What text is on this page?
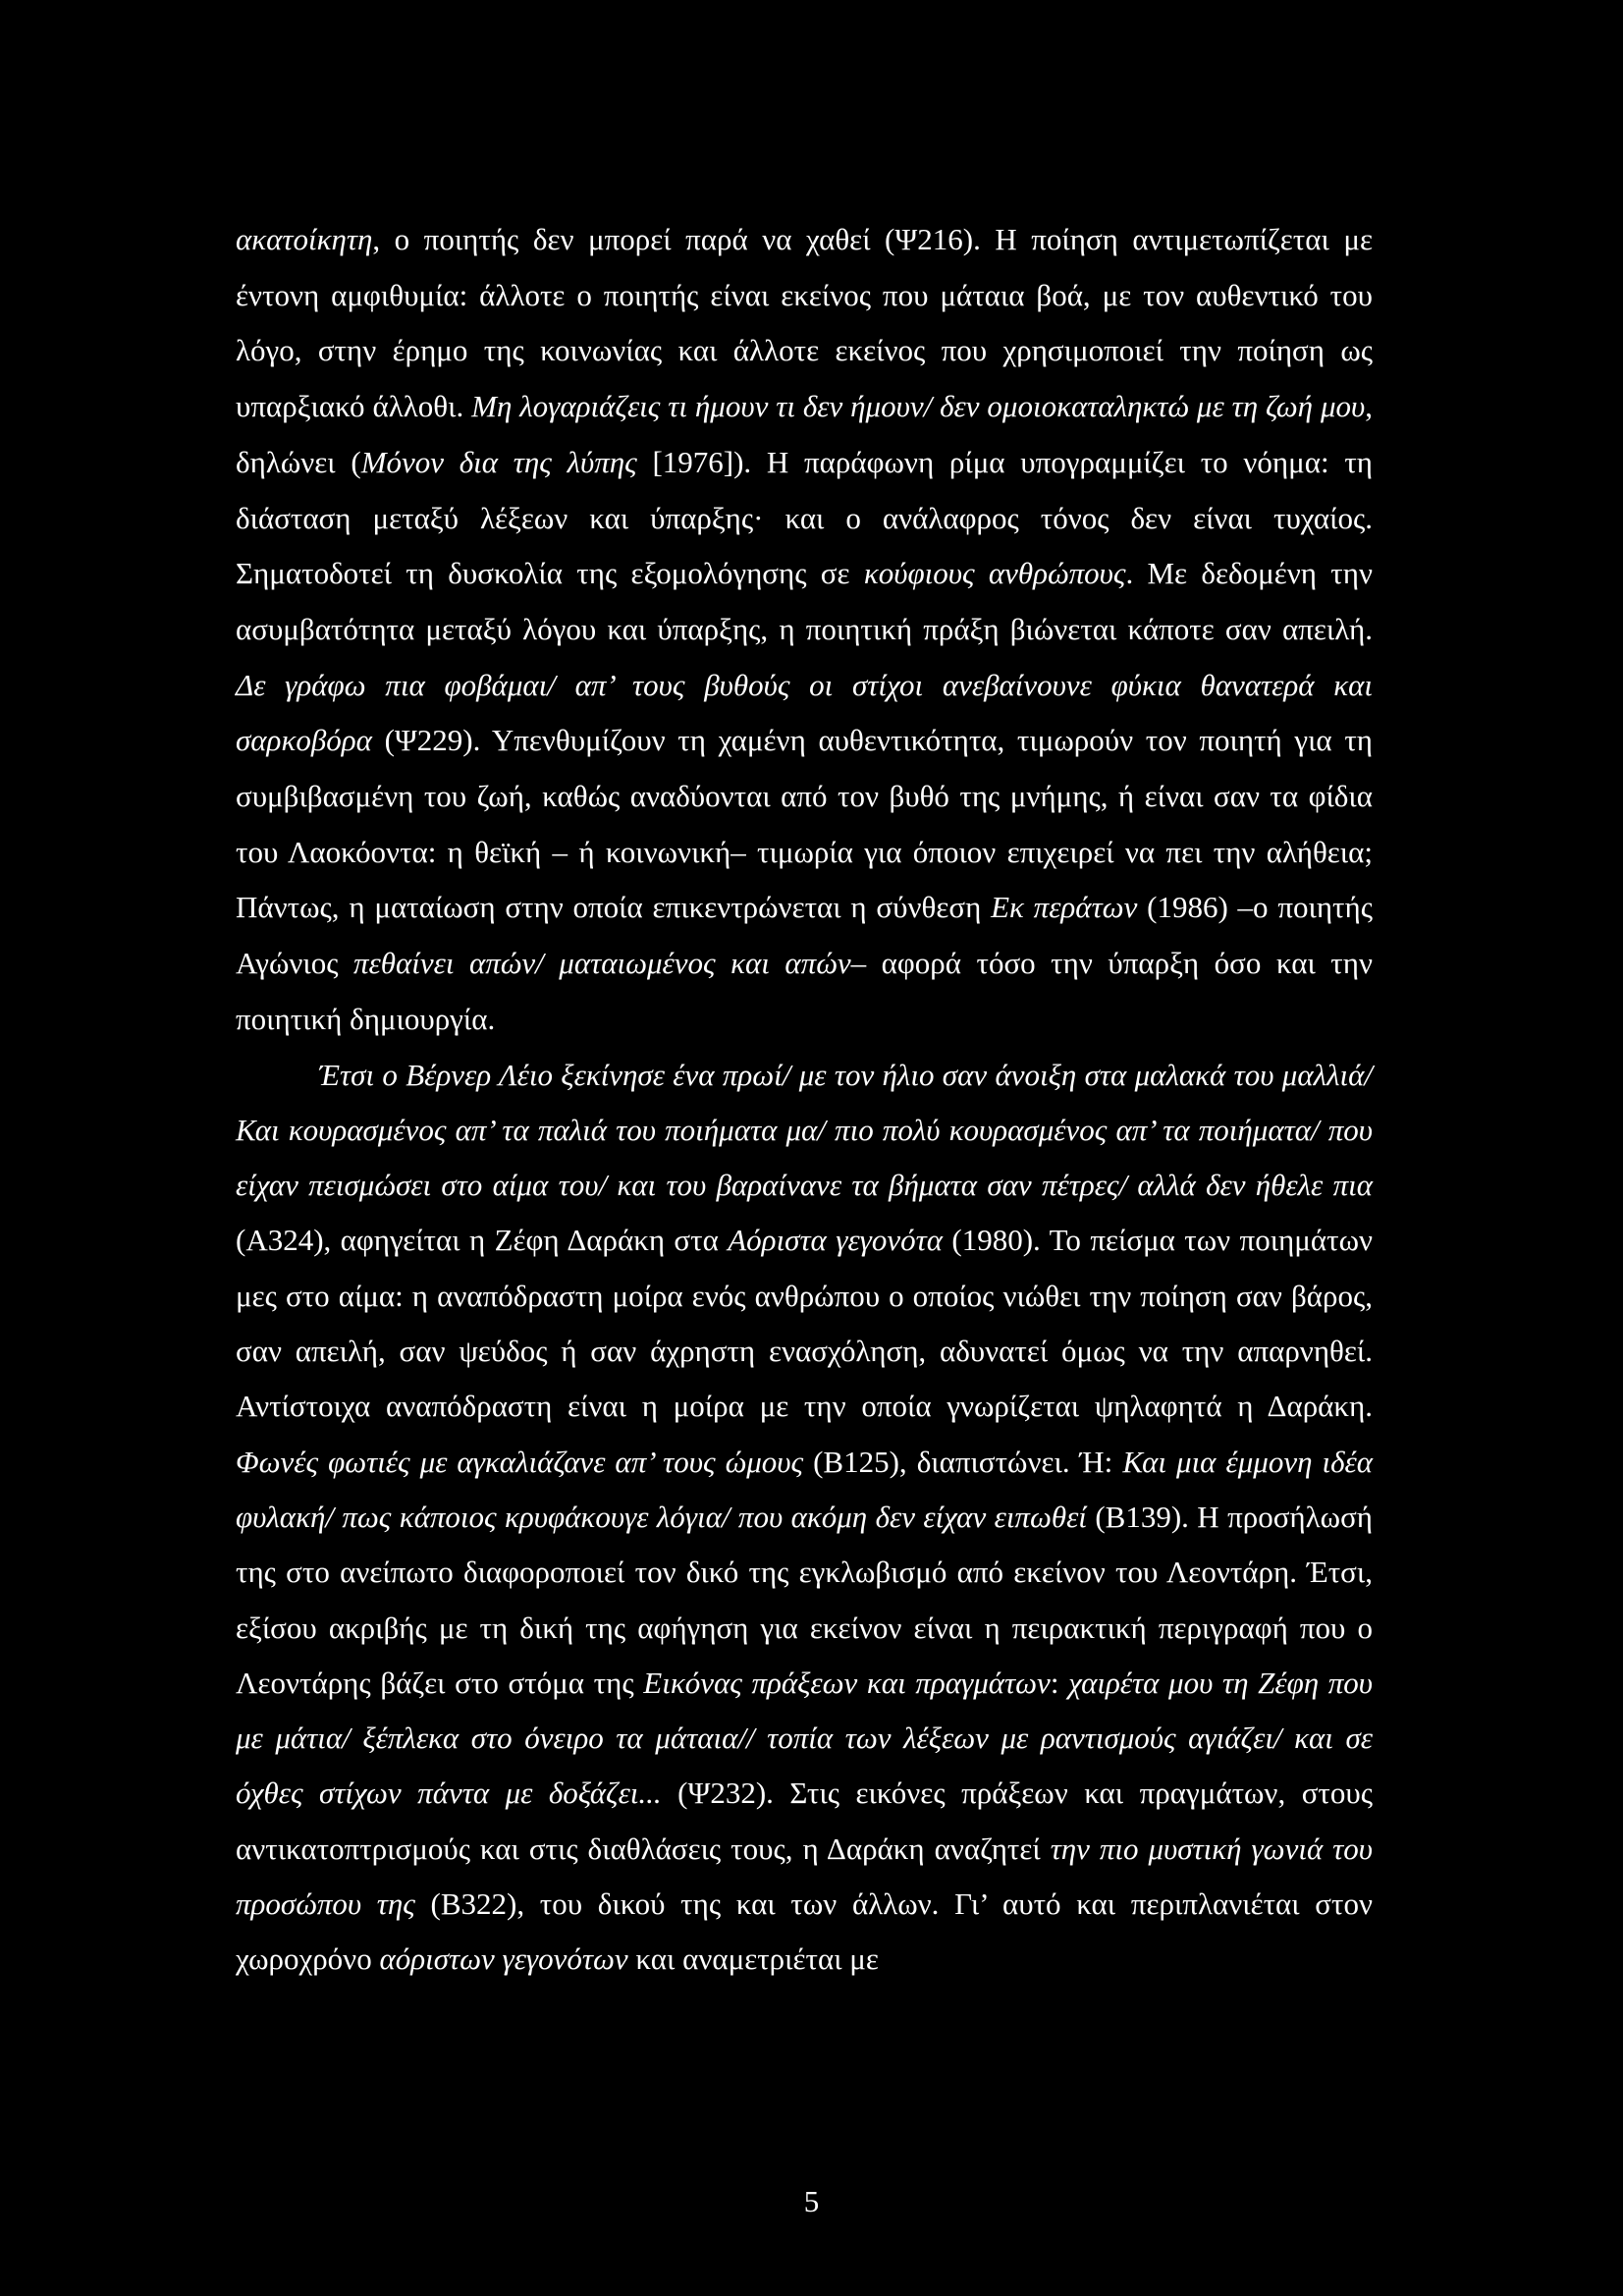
ακατοίκητη, ο ποιητής δεν μπορεί παρά να χαθεί (Ψ216). Η ποίηση αντιμετωπίζεται με έντονη αμφιθυμία: άλλοτε ο ποιητής είναι εκείνος που μάταια βοά, με τον αυθεντικό του λόγο, στην έρημο της κοινωνίας και άλλοτε εκείνος που χρησιμοποιεί την ποίηση ως υπαρξιακό άλλοθι. Μη λογαριάζεις τι ήμουν τι δεν ήμουν/ δεν ομοιοκαταληκτώ με τη ζωή μου, δηλώνει (Μόνον δια της λύπης [1976]). Η παράφωνη ρίμα υπογραμμίζει το νόημα: τη διάσταση μεταξύ λέξεων και ύπαρξης· και ο ανάλαφρος τόνος δεν είναι τυχαίος. Σηματοδοτεί τη δυσκολία της εξομολόγησης σε κούφιους ανθρώπους. Με δεδομένη την ασυμβατότητα μεταξύ λόγου και ύπαρξης, η ποιητική πράξη βιώνεται κάποτε σαν απειλή. Δε γράφω πια φοβάμαι/ απ’ τους βυθούς οι στίχοι ανεβαίνουνε φύκια θανατερά και σαρκοβόρα (Ψ229). Υπενθυμίζουν τη χαμένη αυθεντικότητα, τιμωρούν τον ποιητή για τη συμβιβασμένη του ζωή, καθώς αναδύονται από τον βυθό της μνήμης, ή είναι σαν τα φίδια του Λαοκόοντα: η θεϊκή – ή κοινωνική– τιμωρία για όποιον επιχειρεί να πει την αλήθεια; Πάντως, η ματαίωση στην οποία επικεντρώνεται η σύνθεση Εκ περάτων (1986) –ο ποιητής Αγώνιος πεθαίνει απών/ ματαιωμένος και απών– αφορά τόσο την ύπαρξη όσο και την ποιητική δημιουργία.

Έτσι ο Βέρνερ Λέιο ξεκίνησε ένα πρωί/ με τον ήλιο σαν άνοιξη στα μαλακά του μαλλιά/ Και κουρασμένος απ’ τα παλιά του ποιήματα μα/ πιο πολύ κουρασμένος απ’ τα ποιήματα/ που είχαν πεισμώσει στο αίμα του/ και του βαραίνανε τα βήματα σαν πέτρες/ αλλά δεν ήθελε πια (Α324), αφηγείται η Ζέφη Δαράκη στα Αόριστα γεγονότα (1980). Το πείσμα των ποιημάτων μες στο αίμα: η αναπόδραστη μοίρα ενός ανθρώπου ο οποίος νιώθει την ποίηση σαν βάρος, σαν απειλή, σαν ψεύδος ή σαν άχρηστη ενασχόληση, αδυνατεί όμως να την απαρνηθεί. Αντίστοιχα αναπόδραστη είναι η μοίρα με την οποία γνωρίζεται ψηλαφητά η Δαράκη. Φωνές φωτιές με αγκαλιάζανε απ’ τους ώμους (Β125), διαπιστώνει. Ή: Και μια έμμονη ιδέα φυλακή/ πως κάποιος κρυφάκουγε λόγια/ που ακόμη δεν είχαν ειπωθεί (Β139). Η προσήλωσή της στο ανείπωτο διαφοροποιεί τον δικό της εγκλωβισμό από εκείνον του Λεοντάρη. Έτσι, εξίσου ακριβής με τη δική της αφήγηση για εκείνον είναι η πειρακτική περιγραφή που ο Λεοντάρης βάζει στο στόμα της Εικόνας πράξεων και πραγμάτων: χαιρέτα μου τη Ζέφη που με μάτια/ ξέπλεκα στο όνειρο τα μάταια// τοπία των λέξεων με ραντισμούς αγιάζει/ και σε όχθες στίχων πάντα με δοξάζει... (Ψ232). Στις εικόνες πράξεων και πραγμάτων, στους αντικατοπτρισμούς και στις διαθλάσεις τους, η Δαράκη αναζητεί την πιο μυστική γωνιά του προσώπου της (Β322), του δικού της και των άλλων. Γι’ αυτό και περιπλανιέται στον χωροχρόνο αόριστων γεγονότων και αναμετριέται με

5
